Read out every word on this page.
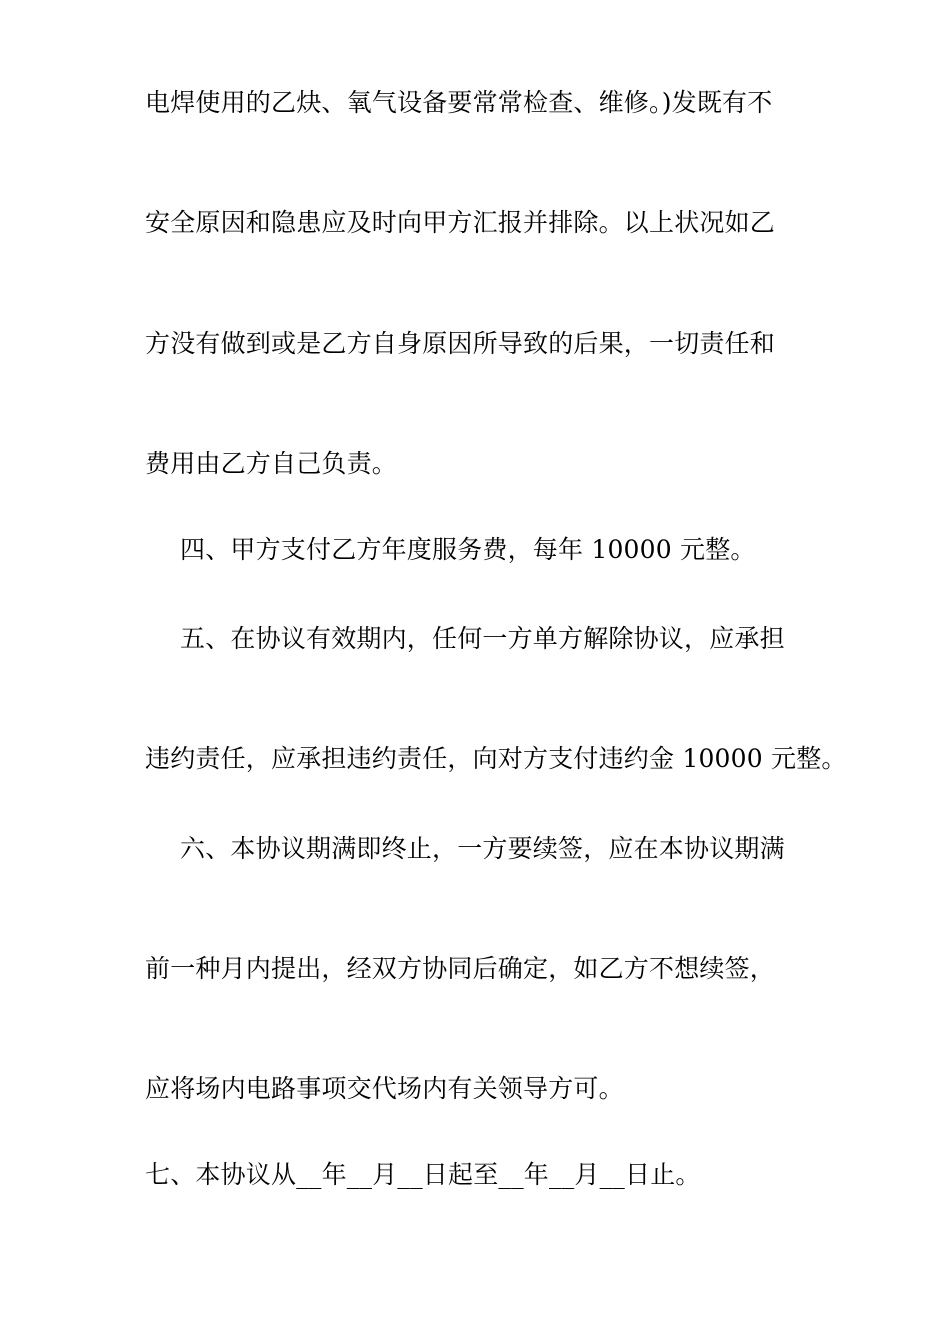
电焊使用的乙炔、氧气设备要常常检查、维修。)发既有不
安全原因和隐患应及时向甲方汇报并排除。以上状况如乙
方没有做到或是乙方自身原因所导致的后果，一切责任和
费用由乙方自己负责。
四、甲方支付乙方年度服务费，每年 10000 元整。
五、在协议有效期内，任何一方单方解除协议，应承担
违约责任，应承担违约责任，向对方支付违约金 10000 元整。
六、本协议期满即终止，一方要续签，应在本协议期满
前一种月内提出，经双方协同后确定，如乙方不想续签，
应将场内电路事项交代场内有关领导方可。
七、本协议从__年__月__日起至__年__月__日止。
